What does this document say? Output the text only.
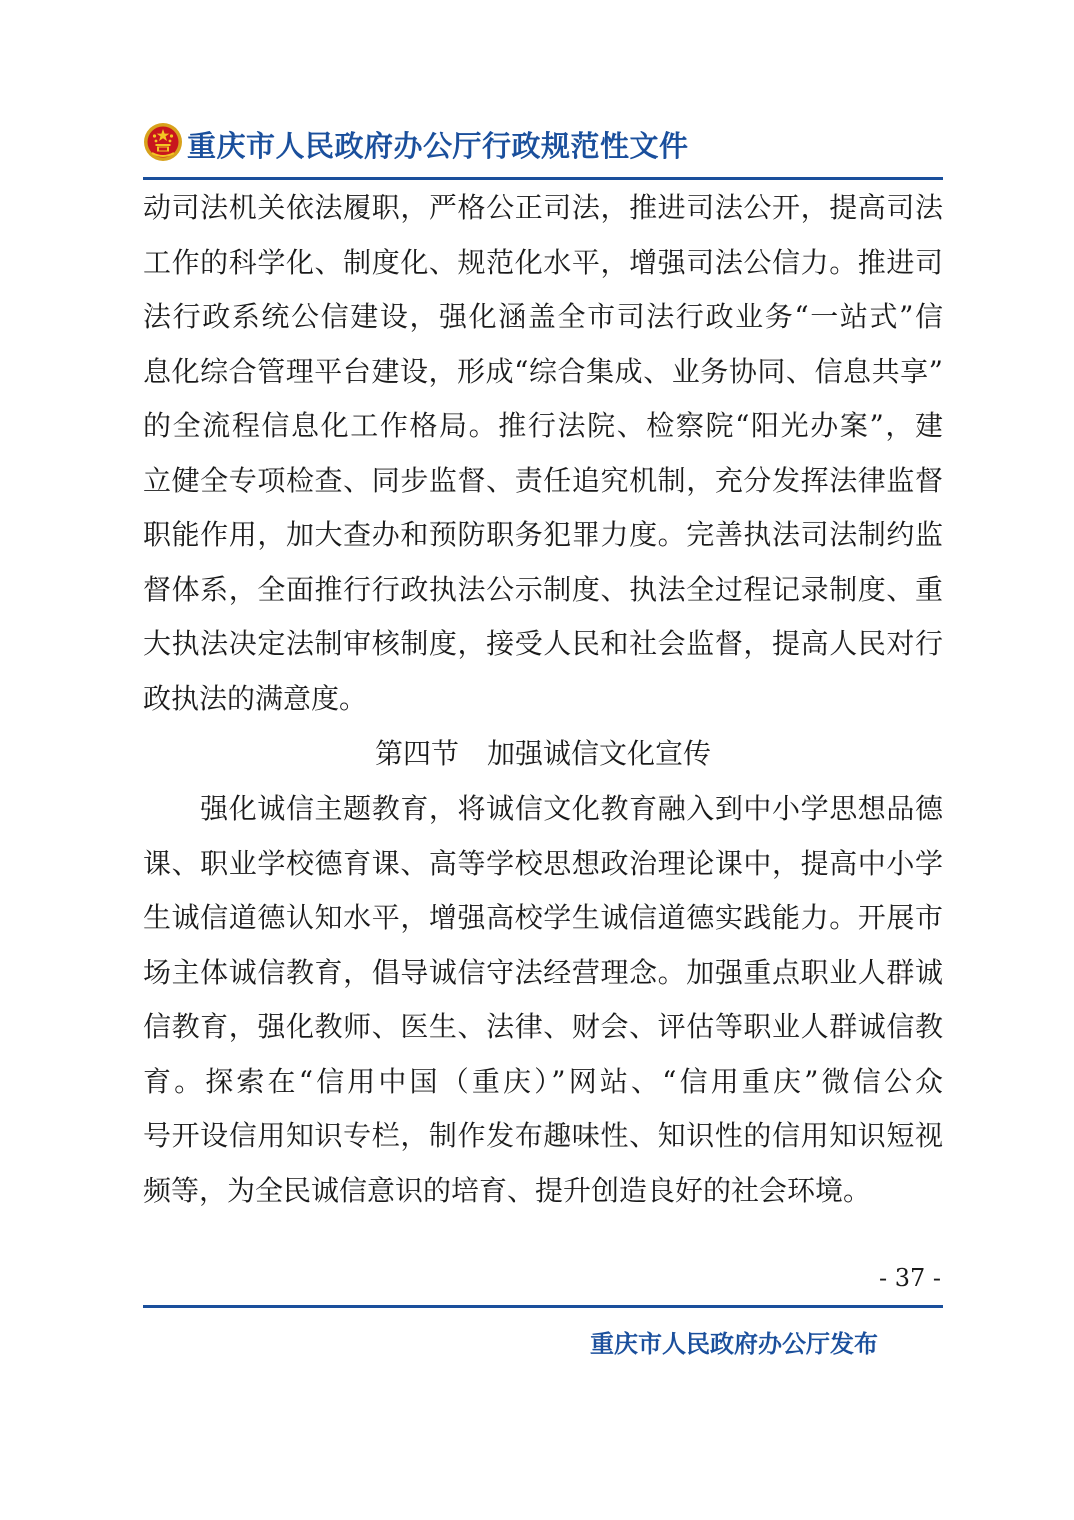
重庆市人民政府办公厅行政规范性文件
动司法机关依法履职，严格公正司法，推进司法公开，提高司法
工作的科学化、制度化、规范化水平，增强司法公信力。推进司
法行政系统公信建设，强化涵盖全市司法行政业务“一站式”信
息化综合管理平台建设，形成“综合集成、业务协同、信息共享”
的全流程信息化工作格局。推行法院、检察院“阳光办案”，建
立健全专项检查、同步监督、责任追究机制，充分发挥法律监督
职能作用，加大查办和预防职务犯罪力度。完善执法司法制约监
督体系，全面推行行政执法公示制度、执法全过程记录制度、重
大执法决定法制审核制度，接受人民和社会监督，提高人民对行
政执法的满意度。
第四节　加强诚信文化宣传
　　强化诚信主题教育，将诚信文化教育融入到中小学思想品德
课、职业学校德育课、高等学校思想政治理论课中，提高中小学
生诚信道德认知水平，增强高校学生诚信道德实践能力。开展市
场主体诚信教育，倡导诚信守法经营理念。加强重点职业人群诚
信教育，强化教师、医生、法律、财会、评估等职业人群诚信教
育。探索在“信用中国（重庆）”网站、“信用重庆”微信公众
号开设信用知识专栏，制作发布趣味性、知识性的信用知识短视
频等，为全民诚信意识的培育、提升创造良好的社会环境。
- 37 -
重庆市人民政府办公厅发布
